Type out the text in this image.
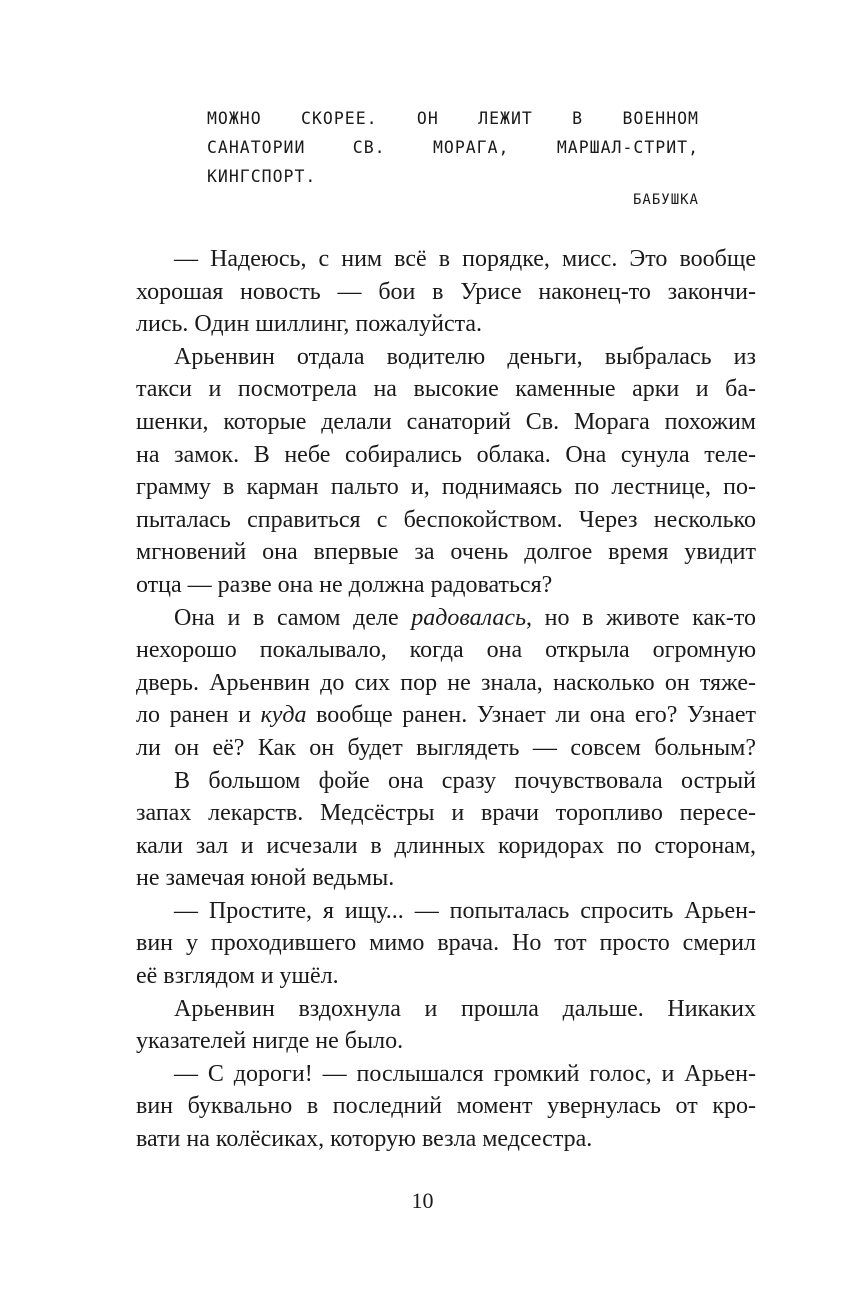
МОЖНО СКОРЕЕ. ОН ЛЕЖИТ В ВОЕННОМ
САНАТОРИИ СВ. МОРАГА, МАРШАЛ-СТРИТ,
КИНГСПОРТ.
БАБУШКА

— Надеюсь, с ним всё в порядке, мисс. Это вообще
хорошая новость — бои в Урисе наконец-то закончи-
лись. Один шиллинг, пожалуйста.

Арьенвин отдала водителю деньги, выбралась из
такси и посмотрела на высокие каменные арки и ба-
шенки, которые делали санаторий Св. Морага похожим
на замок. В небе собирались облака. Она сунула теле-
грамму в карман пальто и, поднимаясь по лестнице, по-
пыталась справиться с беспокойством. Через несколько
мгновений она впервые за очень долгое время увидит
отца — разве она не должна радоваться?

Она и в самом деле радовалась, но в животе как-то
нехорошо покалывало, когда она открыла огромную
дверь. Арьенвин до сих пор не знала, насколько он тяже-
ло ранен и куда вообще ранен. Узнает ли она его? Узнает
ли он её? Как он будет выглядеть — совсем больным?

В большом фойе она сразу почувствовала острый
запах лекарств. Медсёстры и врачи торопливо пересе-
кали зал и исчезали в длинных коридорах по сторонам,
не замечая юной ведьмы.

— Простите, я ищу... — попыталась спросить Арьен-
вин у проходившего мимо врача. Но тот просто смерил
её взглядом и ушёл.

Арьенвин вздохнула и прошла дальше. Никаких
указателей нигде не было.

— С дороги! — послышался громкий голос, и Арьен-
вин буквально в последний момент увернулась от кро-
вати на колёсиках, которую везла медсестра.

10
